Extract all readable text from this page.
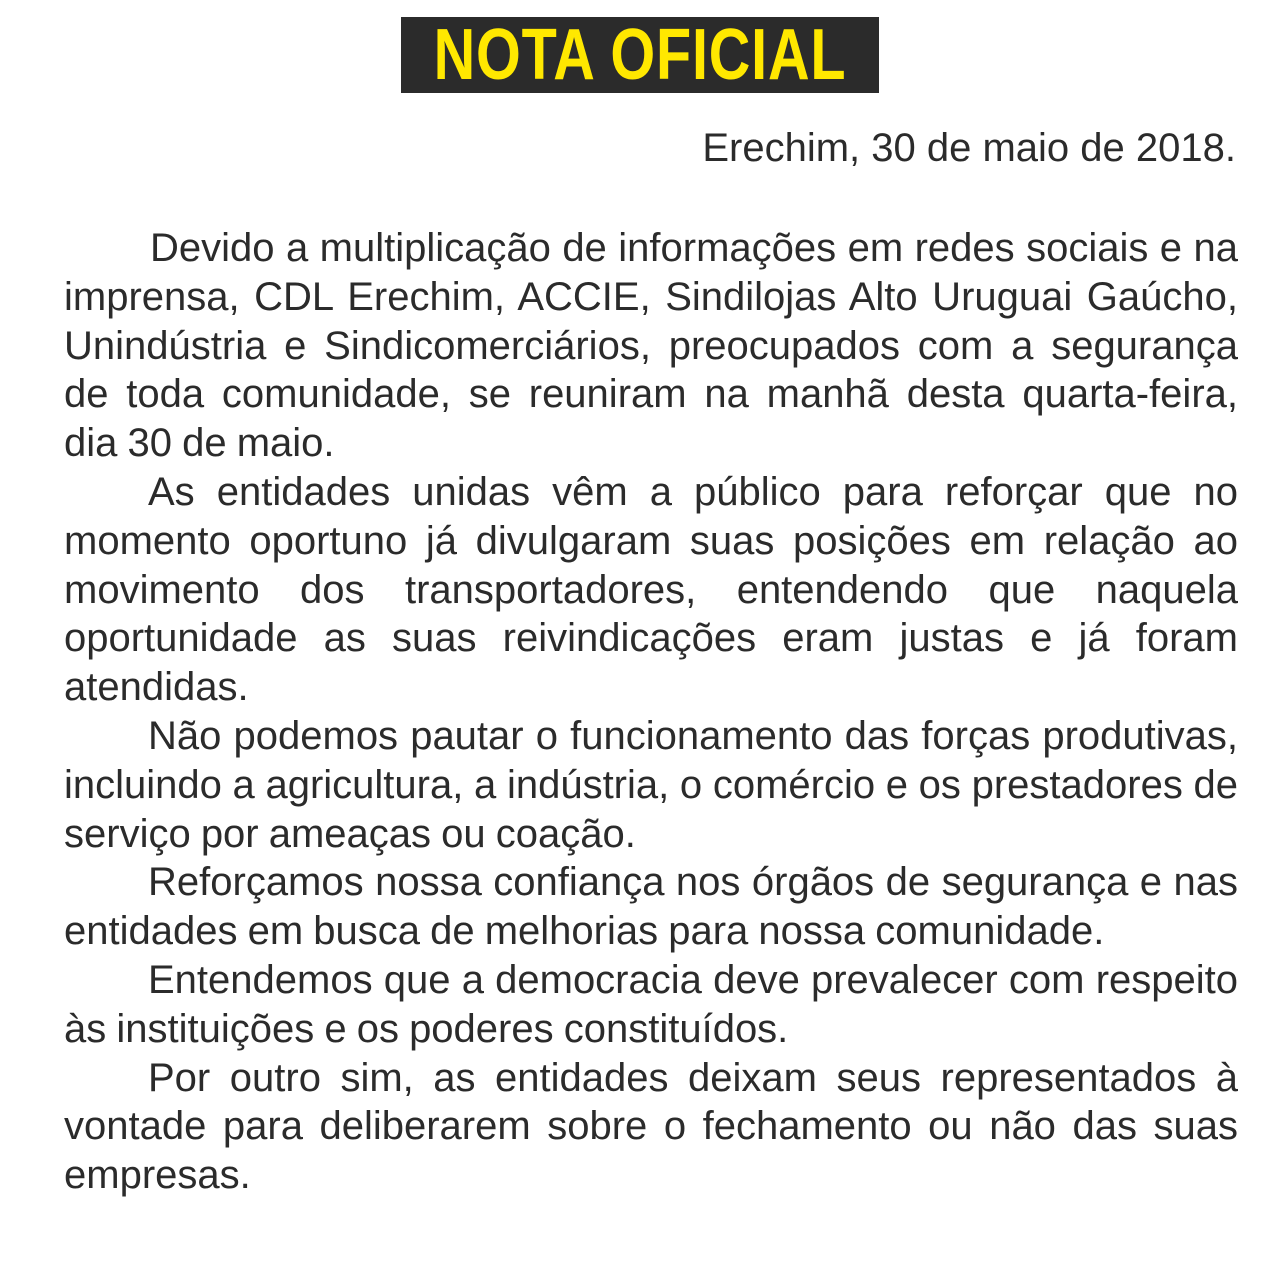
NOTA OFICIAL
Erechim, 30 de maio de 2018.

Devido a multiplicação de informações em redes sociais e na imprensa, CDL Erechim, ACCIE, Sindilojas Alto Uruguai Gaúcho, Unindústria e Sindicomerciários, preocupados com a segurança de toda comunidade, se reuniram na manhã desta quarta-feira, dia 30 de maio.

As entidades unidas vêm a público para reforçar que no momento oportuno já divulgaram suas posições em relação ao movimento dos transportadores, entendendo que naquela oportunidade as suas reivindicações eram justas e já foram atendidas.

Não podemos pautar o funcionamento das forças produtivas, incluindo a agricultura, a indústria, o comércio e os prestadores de serviço por ameaças ou coação.

Reforçamos nossa confiança nos órgãos de segurança e nas entidades em busca de melhorias para nossa comunidade.

Entendemos que a democracia deve prevalecer com respeito às instituições e os poderes constituídos.

Por outro sim, as entidades deixam seus representados à vontade para deliberarem sobre o fechamento ou não das suas empresas.
